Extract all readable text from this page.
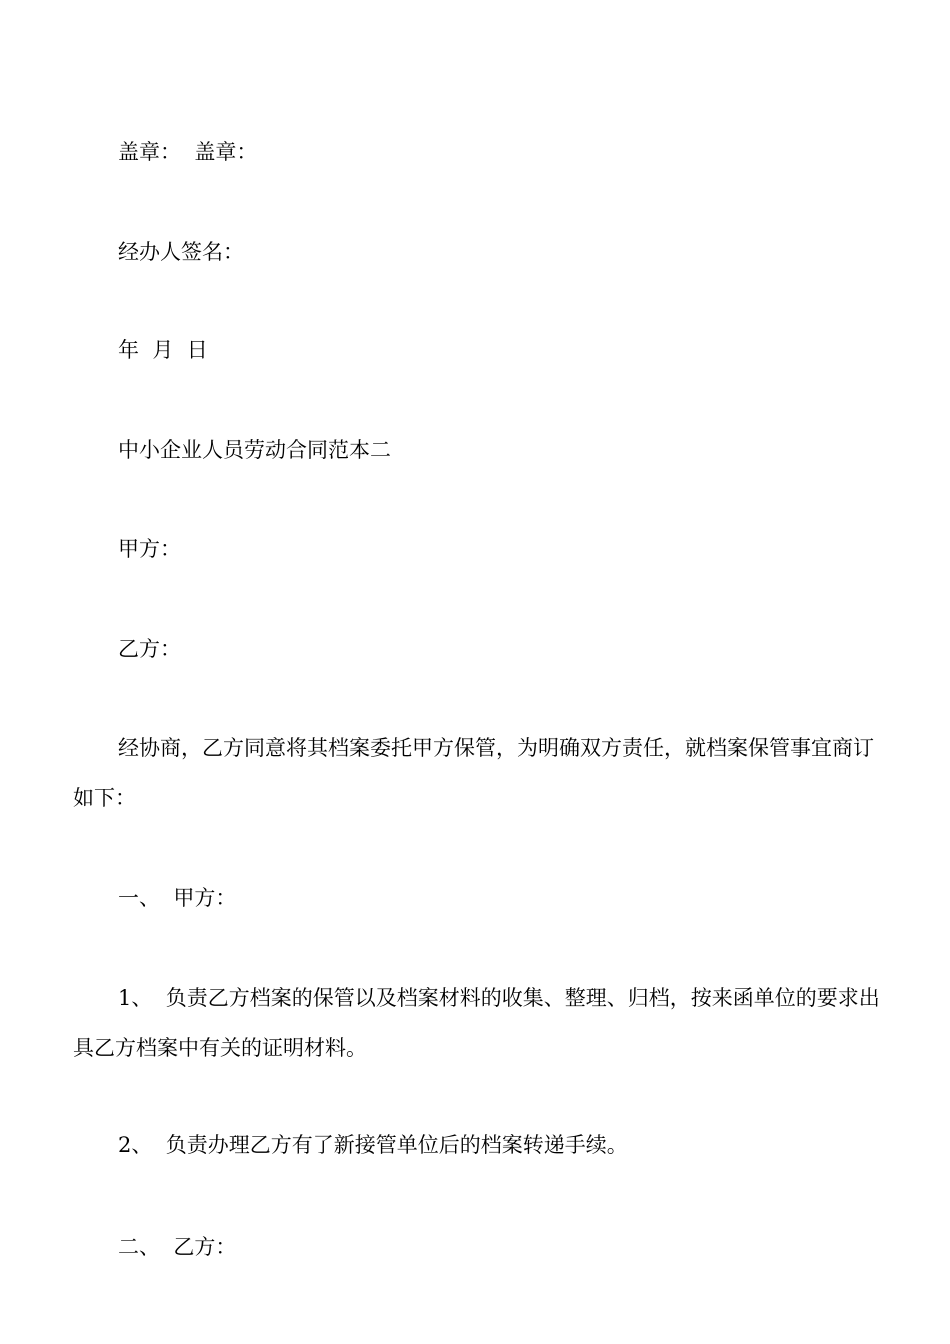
盖章：  盖章：

经办人签名：

年  月  日

中小企业人员劳动合同范本二

甲方：

乙方：

经协商，乙方同意将其档案委托甲方保管，为明确双方责任，就档案保管事宜商订如下：

一、  甲方：

1、  负责乙方档案的保管以及档案材料的收集、整理、归档，按来函单位的要求出具乙方档案中有关的证明材料。

2、  负责办理乙方有了新接管单位后的档案转递手续。

二、  乙方：
